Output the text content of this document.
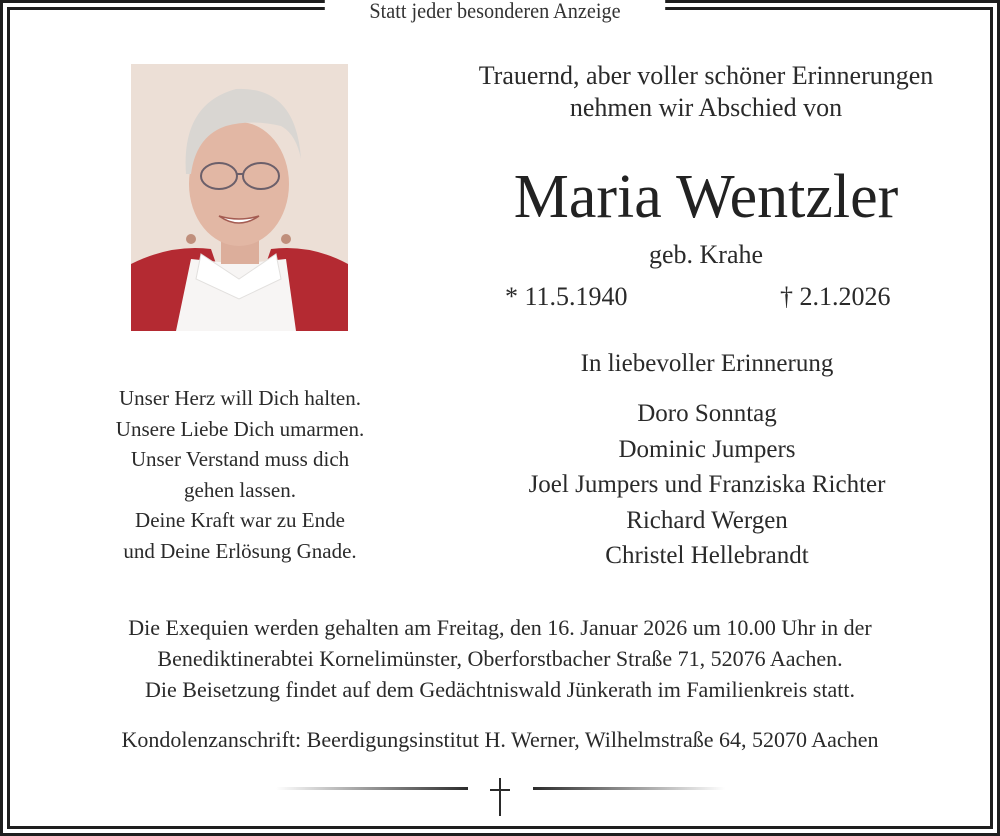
Statt jeder besonderen Anzeige
Trauernd, aber voller schöner Erinnerungen
nehmen wir Abschied von
Maria Wentzler
geb. Krahe
* 11.5.1940	† 2.1.2026
Unser Herz will Dich halten.
Unsere Liebe Dich umarmen.
Unser Verstand muss dich
gehen lassen.
Deine Kraft war zu Ende
und Deine Erlösung Gnade.
In liebevoller Erinnerung
Doro Sonntag
Dominic Jumpers
Joel Jumpers und Franziska Richter
Richard Wergen
Christel Hellebrandt
Die Exequien werden gehalten am Freitag, den 16. Januar 2026 um 10.00 Uhr in der
Benediktinerabtei Kornelimünster, Oberforstbacher Straße 71, 52076 Aachen.
Die Beisetzung findet auf dem Gedächtniswald Jünkerath im Familienkreis statt.
Kondolenzanschrift: Beerdigungsinstitut H. Werner, Wilhelmstraße 64, 52070 Aachen
